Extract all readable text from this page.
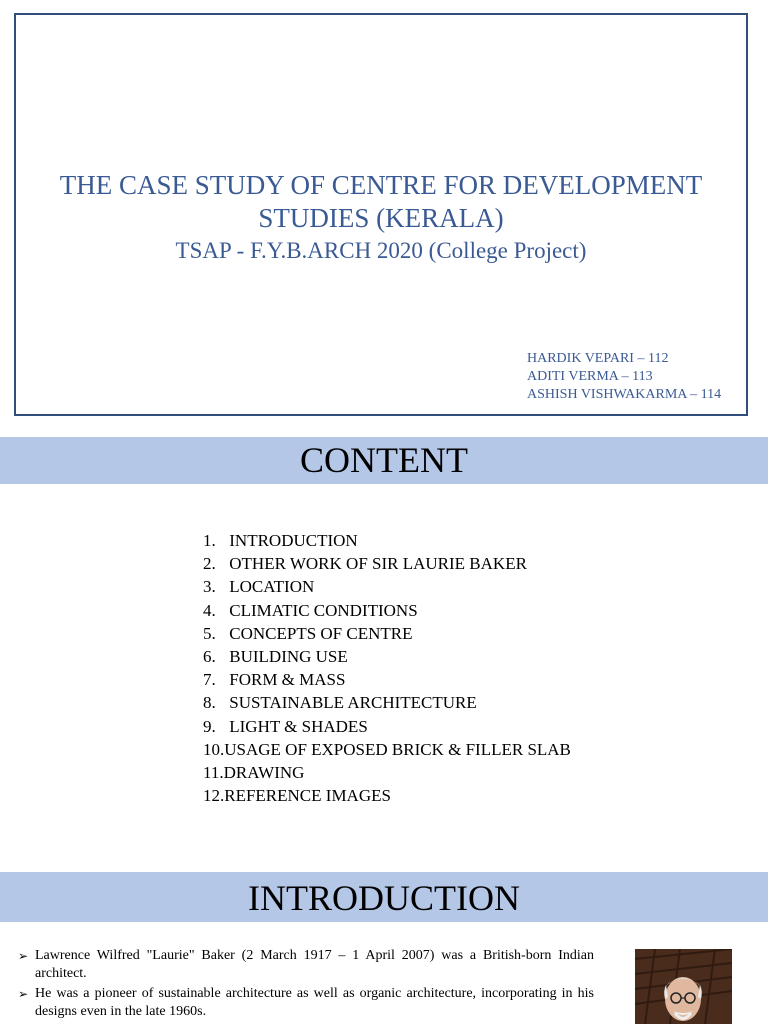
THE CASE STUDY OF CENTRE FOR DEVELOPMENT
STUDIES (KERALA)
TSAP - F.Y.B.ARCH 2020 (College Project)
HARDIK VEPARI – 112
ADITI VERMA – 113
ASHISH VISHWAKARMA – 114
CONTENT
1. INTRODUCTION
2. OTHER WORK OF SIR LAURIE BAKER
3. LOCATION
4. CLIMATIC CONDITIONS
5. CONCEPTS OF CENTRE
6. BUILDING USE
7. FORM & MASS
8. SUSTAINABLE ARCHITECTURE
9. LIGHT & SHADES
10.USAGE OF EXPOSED BRICK & FILLER SLAB
11.DRAWING
12.REFERENCE IMAGES
INTRODUCTION
➢ Lawrence Wilfred "Laurie" Baker (2 March 1917 – 1 April 2007) was a British-born Indian architect.
➢ He was a pioneer of sustainable architecture as well as organic architecture, incorporating in his designs even in the late 1960s.
